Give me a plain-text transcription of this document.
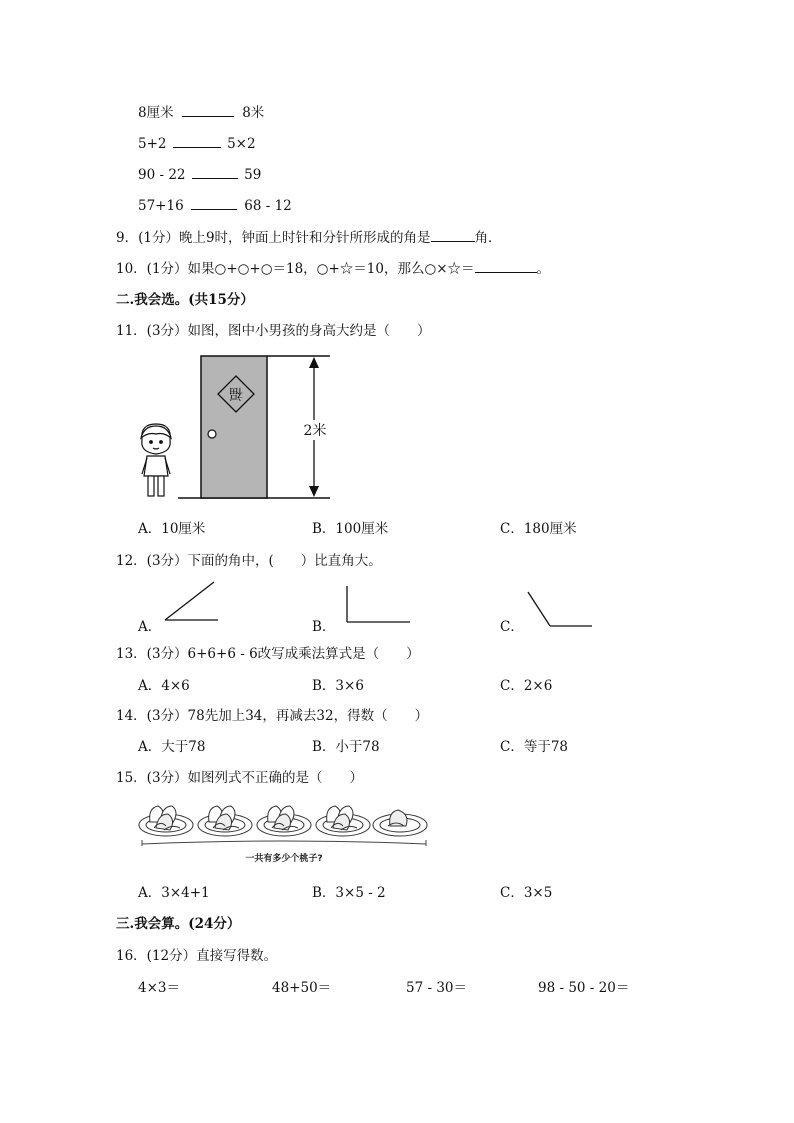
8厘米	8米
5+2	5×2
90 - 22	59
57+16	68 - 12
9．(1分）晚上9时，钟面上时针和分针所形成的角是	角．
10．(1分）如果○+○+○＝18，○+☆＝10，那么○×☆＝	。
二.我会选。(共15分）
11．(3分）如图，图中小男孩的身高大约是（　　）
福
2米
A．10厘米	B．100厘米	C．180厘米
12．(3分）下面的角中，(　　）比直角大。
A．	B．	C．
13．(3分）6+6+6 - 6改写成乘法算式是（　　）
A．4×6	B．3×6	C．2×6
14．(3分）78先加上34，再减去32，得数（　　）
A．大于78	B．小于78	C．等于78
15．(3分）如图列式不正确的是（　　）
一共有多少个桃子?
A．3×4+1	B．3×5 - 2	C．3×5
三.我会算。(24分）
16．(12分）直接写得数。
4×3＝	48+50＝	57 - 30＝	98 - 50 - 20＝
